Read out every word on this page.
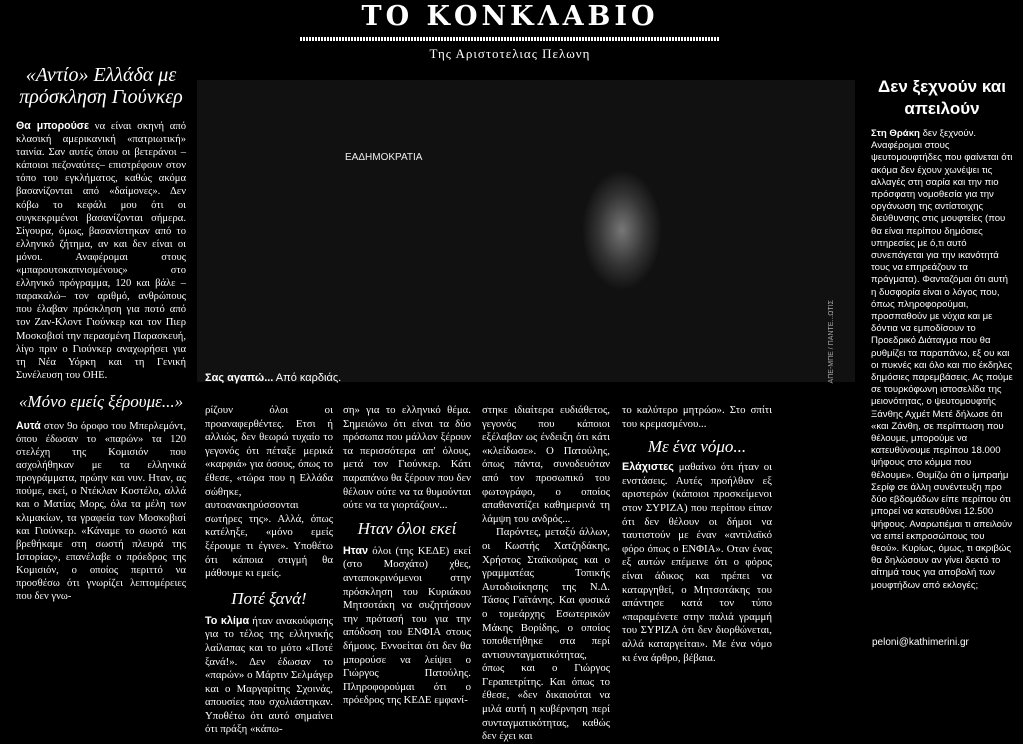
ΤΟ ΚΟΝΚΛΑΒΙΟ
Της Αριστοτελιας Πελωνη
«Αντίο» Ελλάδα με πρόσκληση Γιούνκερ

Θα μπορούσε να είναι σκηνή από κλασική αμερικανική «πατριωτική» ταινία. Σαν αυτές όπου οι βετεράνοι –κάποιοι πεζοναύτες– επιστρέφουν στον τόπο του εγκλήματος, καθώς ακόμα βασανίζονται από «δαίμονες». Δεν κόβω το κεφάλι μου ότι οι συγκεκριμένοι βασανίζονται σήμερα. Σίγουρα, όμως, βασανίστηκαν από το ελληνικό ζήτημα, αν και δεν είναι οι μόνοι. Αναφέρομαι στους «μπαρουτοκαπνισμένους» στο ελληνικό πρόγραμμα, 120 και βάλε –παρακαλώ– τον αριθμό, ανθρώπους που έλαβαν πρόσκληση για ποτό από τον Ζαν-Κλοντ Γιούνκερ και τον Πιερ Μοσκοβισί την περασμένη Παρασκευή, λίγο πριν ο Γιούνκερ αναχωρήσει για τη Νέα Υόρκη και τη Γενική Συνέλευση του ΟΗΕ.

«Μόνο εμείς ξέρουμε...»

Αυτά στον 9ο όροφο του Μπερλεμόντ, όπου έδωσαν το «παρών» τα 120 στελέχη της Κομισιόν που ασχολήθηκαν με τα ελληνικά προγράμματα, πρώην και νυν. Ηταν, ας πούμε, εκεί, ο Ντέκλαν Κοστέλο, αλλά και ο Ματίας Μορς, όλα τα μέλη των κλιμακίων, τα γραφεία των Μοσκοβισί και Γιούνκερ. «Κάναμε το σωστό και βρεθήκαμε στη σωστή πλευρά της Ιστορίας», επανέλαβε ο πρόεδρος της Κομισιόν, ο οποίος περιττό να προσθέσω ότι γνωρίζει λεπτομέρειες που δεν γνω-

ΕΑΔΗΜΟΚΡΑΤΙΑ
ΑΠΕ-ΜΠΕ / ΠΑΝΤΕ...ΩΤΙΣ
Σας αγαπώ... Από καρδιάς.

ρίζουν όλοι οι προαναφερθέντες. Ετσι ή αλλιώς, δεν θεωρώ τυχαίο το γεγονός ότι πέταξε μερικά «καρφιά» για όσους, όπως το έθεσε, «τώρα που η Ελλάδα σώθηκε, αυτοανακηρύσσονται σωτήρες της». Αλλά, όπως κατέληξε, «μόνο εμείς ξέρουμε τι έγινε». Υποθέτω ότι κάποια στιγμή θα μάθουμε κι εμείς.

Ποτέ ξανά!

Το κλίμα ήταν ανακούφισης για το τέλος της ελληνικής λαίλαπας και το μότο «Ποτέ ξανά!». Δεν έδωσαν το «παρών» ο Μάρτιν Σελμάγερ και ο Μαργαρίτης Σχοινάς, απουσίες που σχολιάστηκαν. Υποθέτω ότι αυτό σημαίνει ότι πράξη «κάπω-

ση» για το ελληνικό θέμα. Σημειώνω ότι είναι τα δύο πρόσωπα που μάλλον ξέρουν τα περισσότερα απ' όλους, μετά τον Γιούνκερ. Κάτι παραπάνω θα ξέρουν που δεν θέλουν ούτε να τα θυμούνται ούτε να τα γιορτάζουν...

Ηταν όλοι εκεί

Ηταν όλοι (της ΚΕΔΕ) εκεί (στο Μοσχάτο) χθες, ανταποκρινόμενοι στην πρόσκληση του Κυριάκου Μητσοτάκη να συζητήσουν την πρότασή του για την απόδοση του ΕΝΦΙΑ στους δήμους. Εννοείται ότι δεν θα μπορούσε να λείψει ο Γιώργος Πατούλης. Πληροφορούμαι ότι ο πρόεδρος της ΚΕΔΕ εμφανί-

στηκε ιδιαίτερα ευδιάθετος, γεγονός που κάποιοι εξέλαβαν ως ένδειξη ότι κάτι «κλείδωσε». Ο Πατούλης, όπως πάντα, συνοδευόταν από τον προσωπικό του φωτογράφο, ο οποίος απαθανατίζει καθημερινά τη λάμψη του ανδρός...

Παρόντες, μεταξύ άλλων, οι Κωστής Χατζηδάκης, Χρήστος Σταϊκούρας και ο γραμματέας Τοπικής Αυτοδιοίκησης της Ν.Δ. Τάσος Γαϊτάνης. Και φυσικά ο τομεάρχης Εσωτερικών Μάκης Βορίδης, ο οποίος τοποθετήθηκε στα περί αντισυνταγματικότητας, όπως και ο Γιώργος Γεραπετρίτης. Και όπως το έθεσε, «δεν δικαιούται να μιλά αυτή η κυβέρνηση περί συνταγματικότητας, καθώς δεν έχει και

το καλύτερο μητρώο». Στο σπίτι του κρεμασμένου...

Με ένα νόμο...

Ελάχιστες μαθαίνω ότι ήταν οι ενστάσεις. Αυτές προήλθαν εξ αριστερών (κάποιοι προσκείμενοι στον ΣΥΡΙΖΑ) που περίπου είπαν ότι δεν θέλουν οι δήμοι να ταυτιστούν με έναν «αντιλαϊκό φόρο όπως ο ΕΝΦΙΑ». Οταν ένας εξ αυτών επέμεινε ότι ο φόρος είναι άδικος και πρέπει να καταργηθεί, ο Μητσοτάκης του απάντησε κατά τον τύπο «παραμένετε στην παλιά γραμμή του ΣΥΡΙΖΑ ότι δεν διορθώνεται, αλλά καταργείται». Με ένα νόμο κι ένα άρθρο, βέβαια.

Δεν ξεχνούν και απειλούν

Στη Θράκη δεν ξεχνούν. Αναφέρομαι στους ψευτομουφτήδες που φαίνεται ότι ακόμα δεν έχουν χωνέψει τις αλλαγές στη σαρία και την πιο πρόσφατη νομοθεσία για την οργάνωση της αντίστοιχης διεύθυνσης στις μουφτείες (που θα είναι περίπου δημόσιες υπηρεσίες με ό,τι αυτό συνεπάγεται για την ικανότητά τους να επηρεάζουν τα πράγματα). Φανταζόμαι ότι αυτή η δυσφορία είναι ο λόγος που, όπως πληροφορούμαι, προσπαθούν με νύχια και με δόντια να εμποδίσουν το Προεδρικό Διάταγμα που θα ρυθμίζει τα παραπάνω, εξ ου και οι πυκνές και όλο και πιο έκδηλες δημόσιες παρεμβάσεις. Ας πούμε σε τουρκόφωνη ιστοσελίδα της μειονότητας, ο ψευτομουφτής Ξάνθης Αχμέτ Μετέ δήλωσε ότι «και Ζάνθη, σε περίπτωση που θέλουμε, μπορούμε να κατευθύνουμε περίπου 18.000 ψήφους στο κόμμα που θέλουμε». Θυμίζω ότι ο ίμπραήμ Σερίφ σε άλλη συνέντευξη προ δύο εβδομάδων είπε περίπου ότι μπορεί να κατευθύνει 12.500 ψήφους. Αναρωτιέμαι τι απειλούν να ειπεί εκπροσώπους του θεού». Κυρίως, όμως, τι ακριβώς θα δηλώσουν αν γίνει δεκτό το αίτημά τους για αποβολή των μουφτήδων από εκλογές;

peloni@kathimerini.gr
